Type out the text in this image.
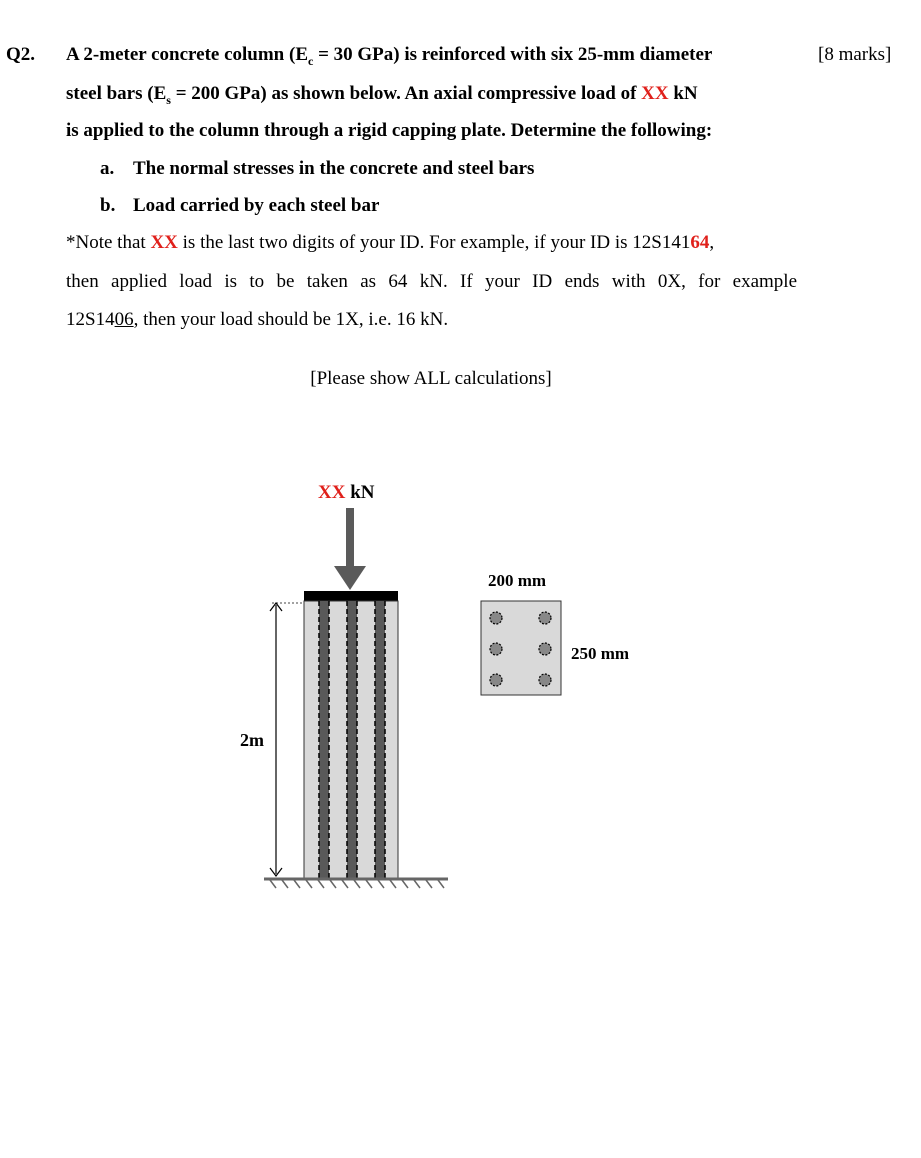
Q2.	[8 marks]
A 2-meter concrete column ($E_c = 30$ GPa) is reinforced with six 25-mm diameter
steel bars ($E_s = 200$ GPa) as shown below. An axial compressive load of XX kN
is applied to the column through a rigid capping plate. Determine the following:
a. The normal stresses in the concrete and steel bars
b. Load carried by each steel bar
*Note that XX is the last two digits of your ID. For example, if your ID is 12S14164,
then applied load is to be taken as 64 kN. If your ID ends with 0X, for example
12S1406, then your load should be 1X, i.e. 16 kN.
[Please show ALL calculations]
XX kN
2m
200 mm
250 mm
